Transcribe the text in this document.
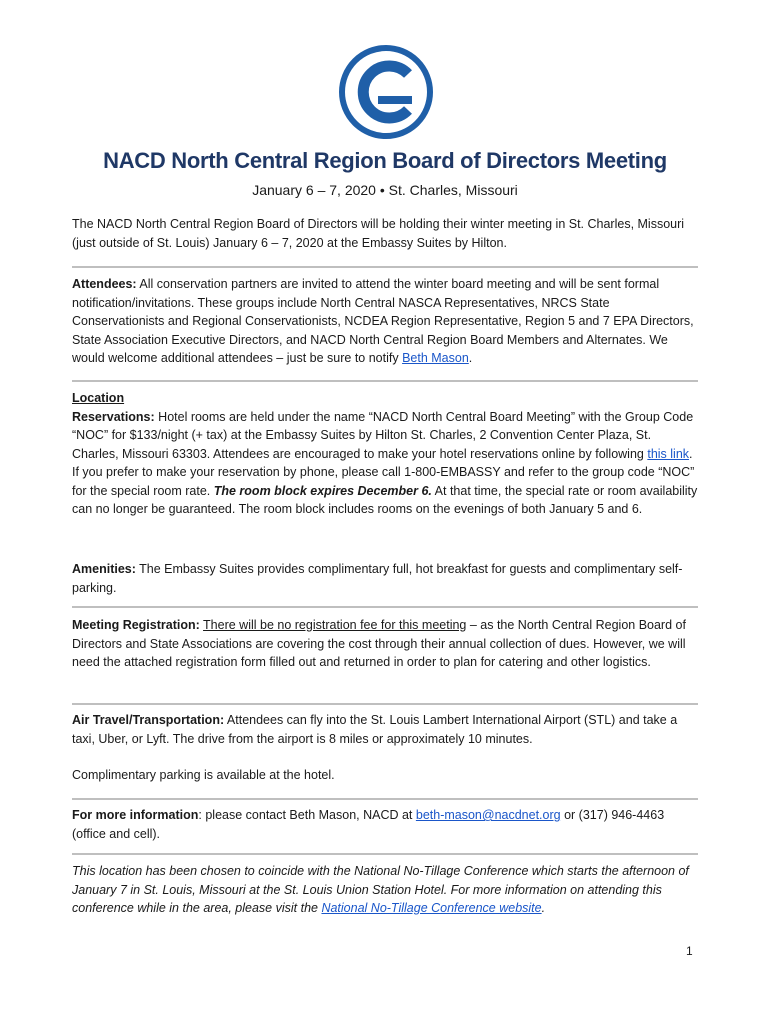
NACD North Central Region Board of Directors Meeting
January 6 – 7, 2020 • St. Charles, Missouri

The NACD North Central Region Board of Directors will be holding their winter meeting in St. Charles, Missouri (just outside of St. Louis) January 6 – 7, 2020 at the Embassy Suites by Hilton.

Attendees: All conservation partners are invited to attend the winter board meeting and will be sent formal notification/invitations. These groups include North Central NASCA Representatives, NRCS State Conservationists and Regional Conservationists, NCDEA Region Representative, Region 5 and 7 EPA Directors, State Association Executive Directors, and NACD North Central Region Board Members and Alternates. We would welcome additional attendees – just be sure to notify Beth Mason.

Location

Reservations: Hotel rooms are held under the name “NACD North Central Board Meeting” with the Group Code “NOC” for $133/night (+ tax) at the Embassy Suites by Hilton St. Charles, 2 Convention Center Plaza, St. Charles, Missouri 63303. Attendees are encouraged to make your hotel reservations online by following this link. If you prefer to make your reservation by phone, please call 1-800-EMBASSY and refer to the group code “NOC” for the special room rate. The room block expires December 6. At that time, the special rate or room availability can no longer be guaranteed. The room block includes rooms on the evenings of both January 5 and 6.

Amenities: The Embassy Suites provides complimentary full, hot breakfast for guests and complimentary self-parking.

Meeting Registration: There will be no registration fee for this meeting – as the North Central Region Board of Directors and State Associations are covering the cost through their annual collection of dues. However, we will need the attached registration form filled out and returned in order to plan for catering and other logistics.

Air Travel/Transportation: Attendees can fly into the St. Louis Lambert International Airport (STL) and take a taxi, Uber, or Lyft. The drive from the airport is 8 miles or approximately 10 minutes.

Complimentary parking is available at the hotel.

For more information: please contact Beth Mason, NACD at beth-mason@nacdnet.org or (317) 946-4463 (office and cell).

This location has been chosen to coincide with the National No-Tillage Conference which starts the afternoon of January 7 in St. Louis, Missouri at the St. Louis Union Station Hotel. For more information on attending this conference while in the area, please visit the National No-Tillage Conference website.

1
